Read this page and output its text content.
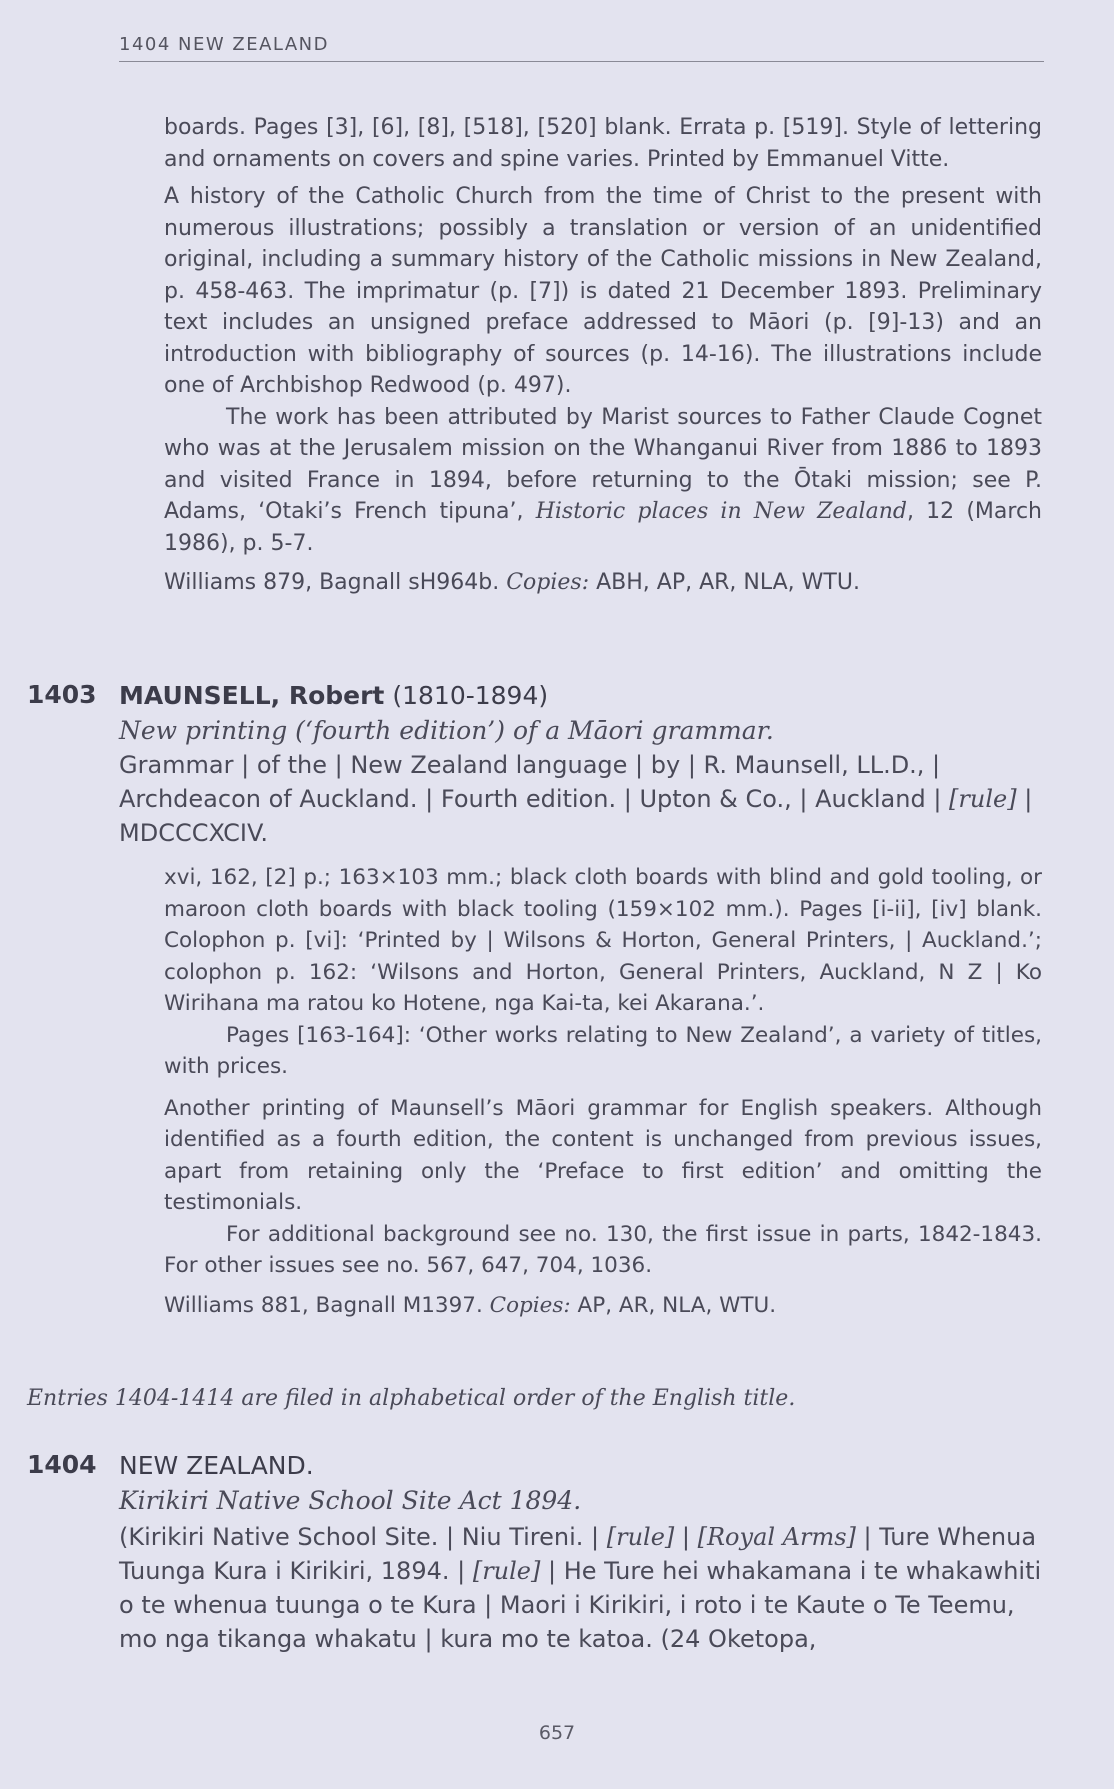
1404 NEW ZEALAND

boards. Pages [3], [6], [8], [518], [520] blank. Errata p. [519]. Style of lettering and ornaments on covers and spine varies. Printed by Emmanuel Vitte.

A history of the Catholic Church from the time of Christ to the present with numerous illustrations; possibly a translation or version of an unidentified original, including a summary history of the Catholic missions in New Zealand, p. 458-463. The imprimatur (p. [7]) is dated 21 December 1893. Preliminary text includes an unsigned preface addressed to Māori (p. [9]-13) and an introduction with bibliography of sources (p. 14-16). The illustrations include one of Archbishop Redwood (p. 497).

The work has been attributed by Marist sources to Father Claude Cognet who was at the Jerusalem mission on the Whanganui River from 1886 to 1893 and visited France in 1894, before returning to the Ōtaki mission; see P. Adams, ‘Otaki’s French tipuna’, Historic places in New Zealand, 12 (March 1986), p. 5-7.

Williams 879, Bagnall sH964b. Copies: ABH, AP, AR, NLA, WTU.

1403 MAUNSELL, Robert (1810-1894)
New printing (‘fourth edition’) of a Māori grammar.
Grammar | of the | New Zealand language | by | R. Maunsell, LL.D., | Archdeacon of Auckland. | Fourth edition. | Upton & Co., | Auckland | [rule] | MDCCCXCIV.

xvi, 162, [2] p.; 163×103 mm.; black cloth boards with blind and gold tooling, or maroon cloth boards with black tooling (159×102 mm.). Pages [i-ii], [iv] blank. Colophon p. [vi]: ‘Printed by | Wilsons & Horton, General Printers, | Auckland.’; colophon p. 162: ‘Wilsons and Horton, General Printers, Auckland, N Z | Ko Wirihana ma ratou ko Hotene, nga Kai-ta, kei Akarana.’.

Pages [163-164]: ‘Other works relating to New Zealand’, a variety of titles, with prices.

Another printing of Maunsell’s Māori grammar for English speakers. Although identified as a fourth edition, the content is unchanged from previous issues, apart from retaining only the ‘Preface to first edition’ and omitting the testimonials.

For additional background see no. 130, the first issue in parts, 1842-1843. For other issues see no. 567, 647, 704, 1036.

Williams 881, Bagnall M1397. Copies: AP, AR, NLA, WTU.

Entries 1404-1414 are filed in alphabetical order of the English title.
1404 NEW ZEALAND.
Kirikiri Native School Site Act 1894.
(Kirikiri Native School Site. | Niu Tireni. | [rule] | [Royal Arms] | Ture Whenua Tuunga Kura i Kirikiri, 1894. | [rule] | He Ture hei whakamana i te whakawhiti o te whenua tuunga o te Kura | Maori i Kirikiri, i roto i te Kaute o Te Teemu, mo nga tikanga whakatu | kura mo te katoa. (24 Oketopa,
657
